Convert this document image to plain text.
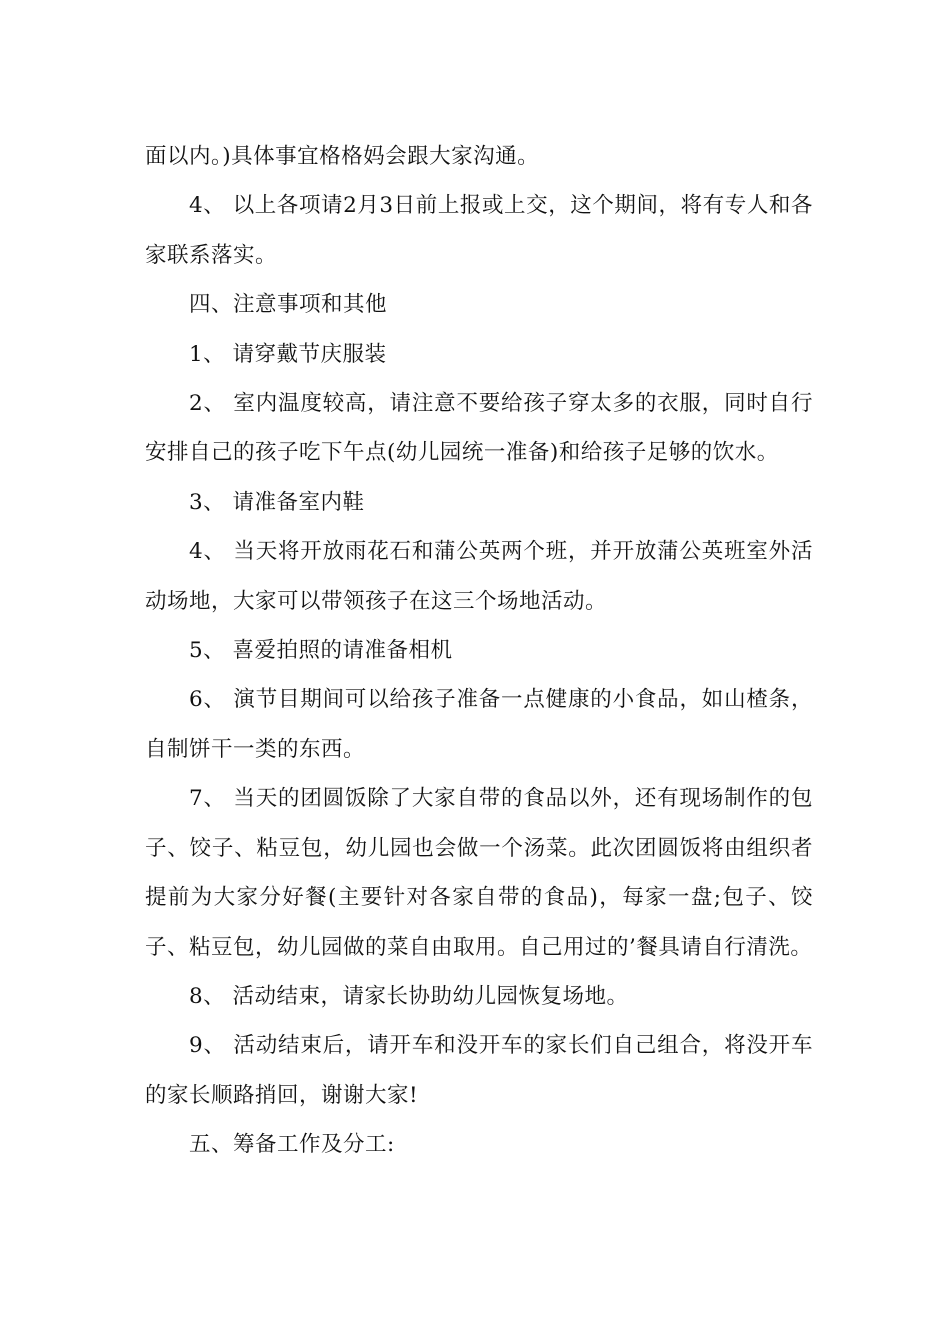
面以内。)具体事宜格格妈会跟大家沟通。

4、 以上各项请2月3日前上报或上交，这个期间，将有专人和各家联系落实。

四、注意事项和其他

1、 请穿戴节庆服装

2、 室内温度较高，请注意不要给孩子穿太多的衣服，同时自行安排自己的孩子吃下午点(幼儿园统一准备)和给孩子足够的饮水。

3、 请准备室内鞋

4、 当天将开放雨花石和蒲公英两个班，并开放蒲公英班室外活动场地，大家可以带领孩子在这三个场地活动。

5、 喜爱拍照的请准备相机

6、 演节目期间可以给孩子准备一点健康的小食品，如山楂条，自制饼干一类的东西。

7、 当天的团圆饭除了大家自带的食品以外，还有现场制作的包子、饺子、粘豆包，幼儿园也会做一个汤菜。此次团圆饭将由组织者提前为大家分好餐(主要针对各家自带的食品)，每家一盘;包子、饺子、粘豆包，幼儿园做的菜自由取用。自己用过的’餐具请自行清洗。

8、 活动结束，请家长协助幼儿园恢复场地。

9、 活动结束后，请开车和没开车的家长们自己组合，将没开车的家长顺路捎回，谢谢大家!

五、筹备工作及分工:
